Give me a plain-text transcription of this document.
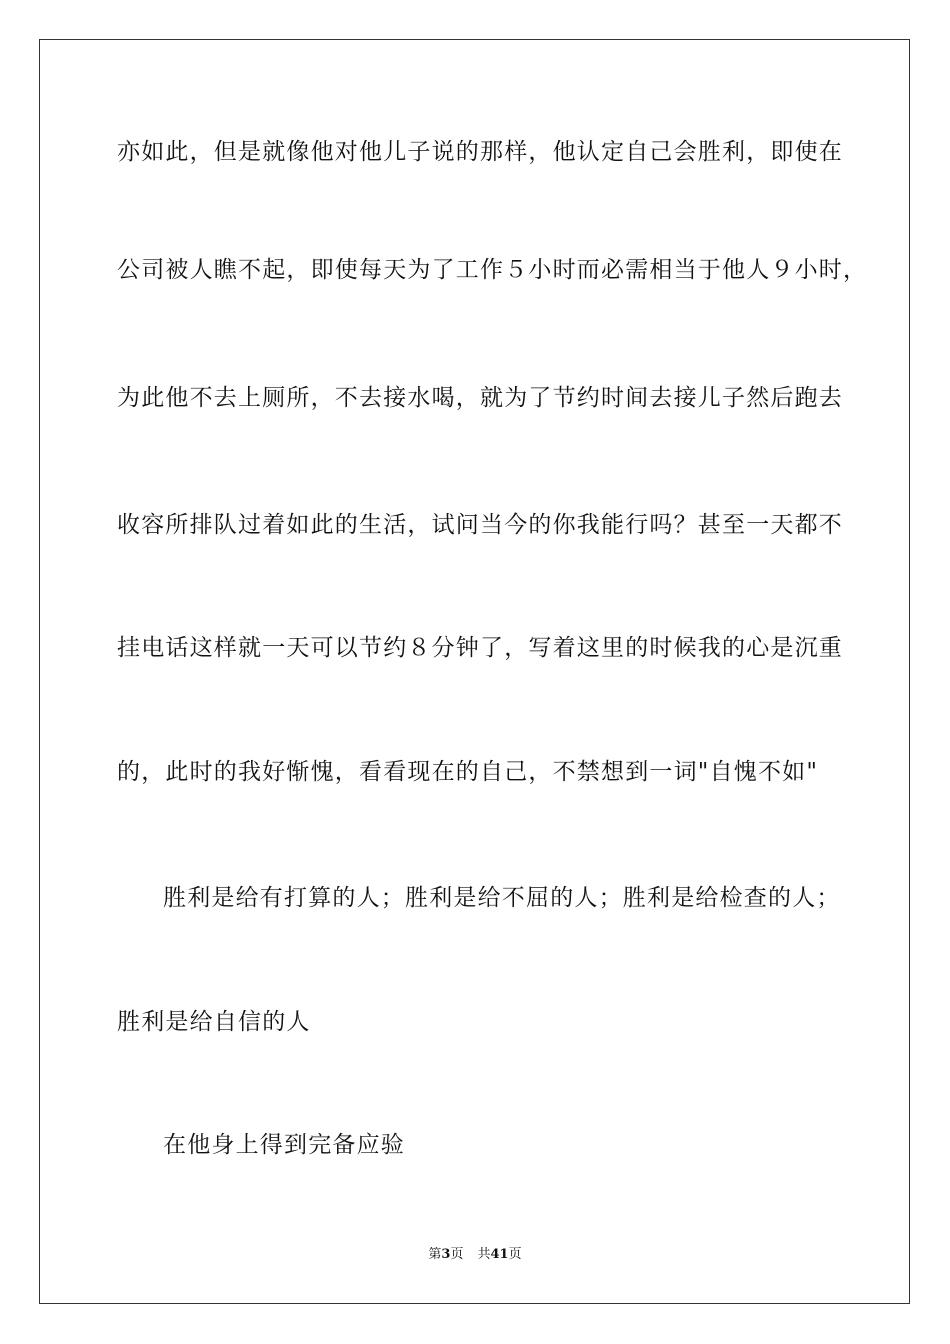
亦如此，但是就像他对他儿子说的那样，他认定自己会胜利，即使在
公司被人瞧不起，即使每天为了工作５小时而必需相当于他人９小时，
为此他不去上厕所，不去接水喝，就为了节约时间去接儿子然后跑去
收容所排队过着如此的生活，试问当今的你我能行吗？甚至一天都不
挂电话这样就一天可以节约８分钟了，写着这里的时候我的心是沉重
的，此时的我好惭愧，看看现在的自己，不禁想到一词"自愧不如"
胜利是给有打算的人；胜利是给不屈的人；胜利是给检查的人；
胜利是给自信的人
在他身上得到完备应验
第3页 共41页
